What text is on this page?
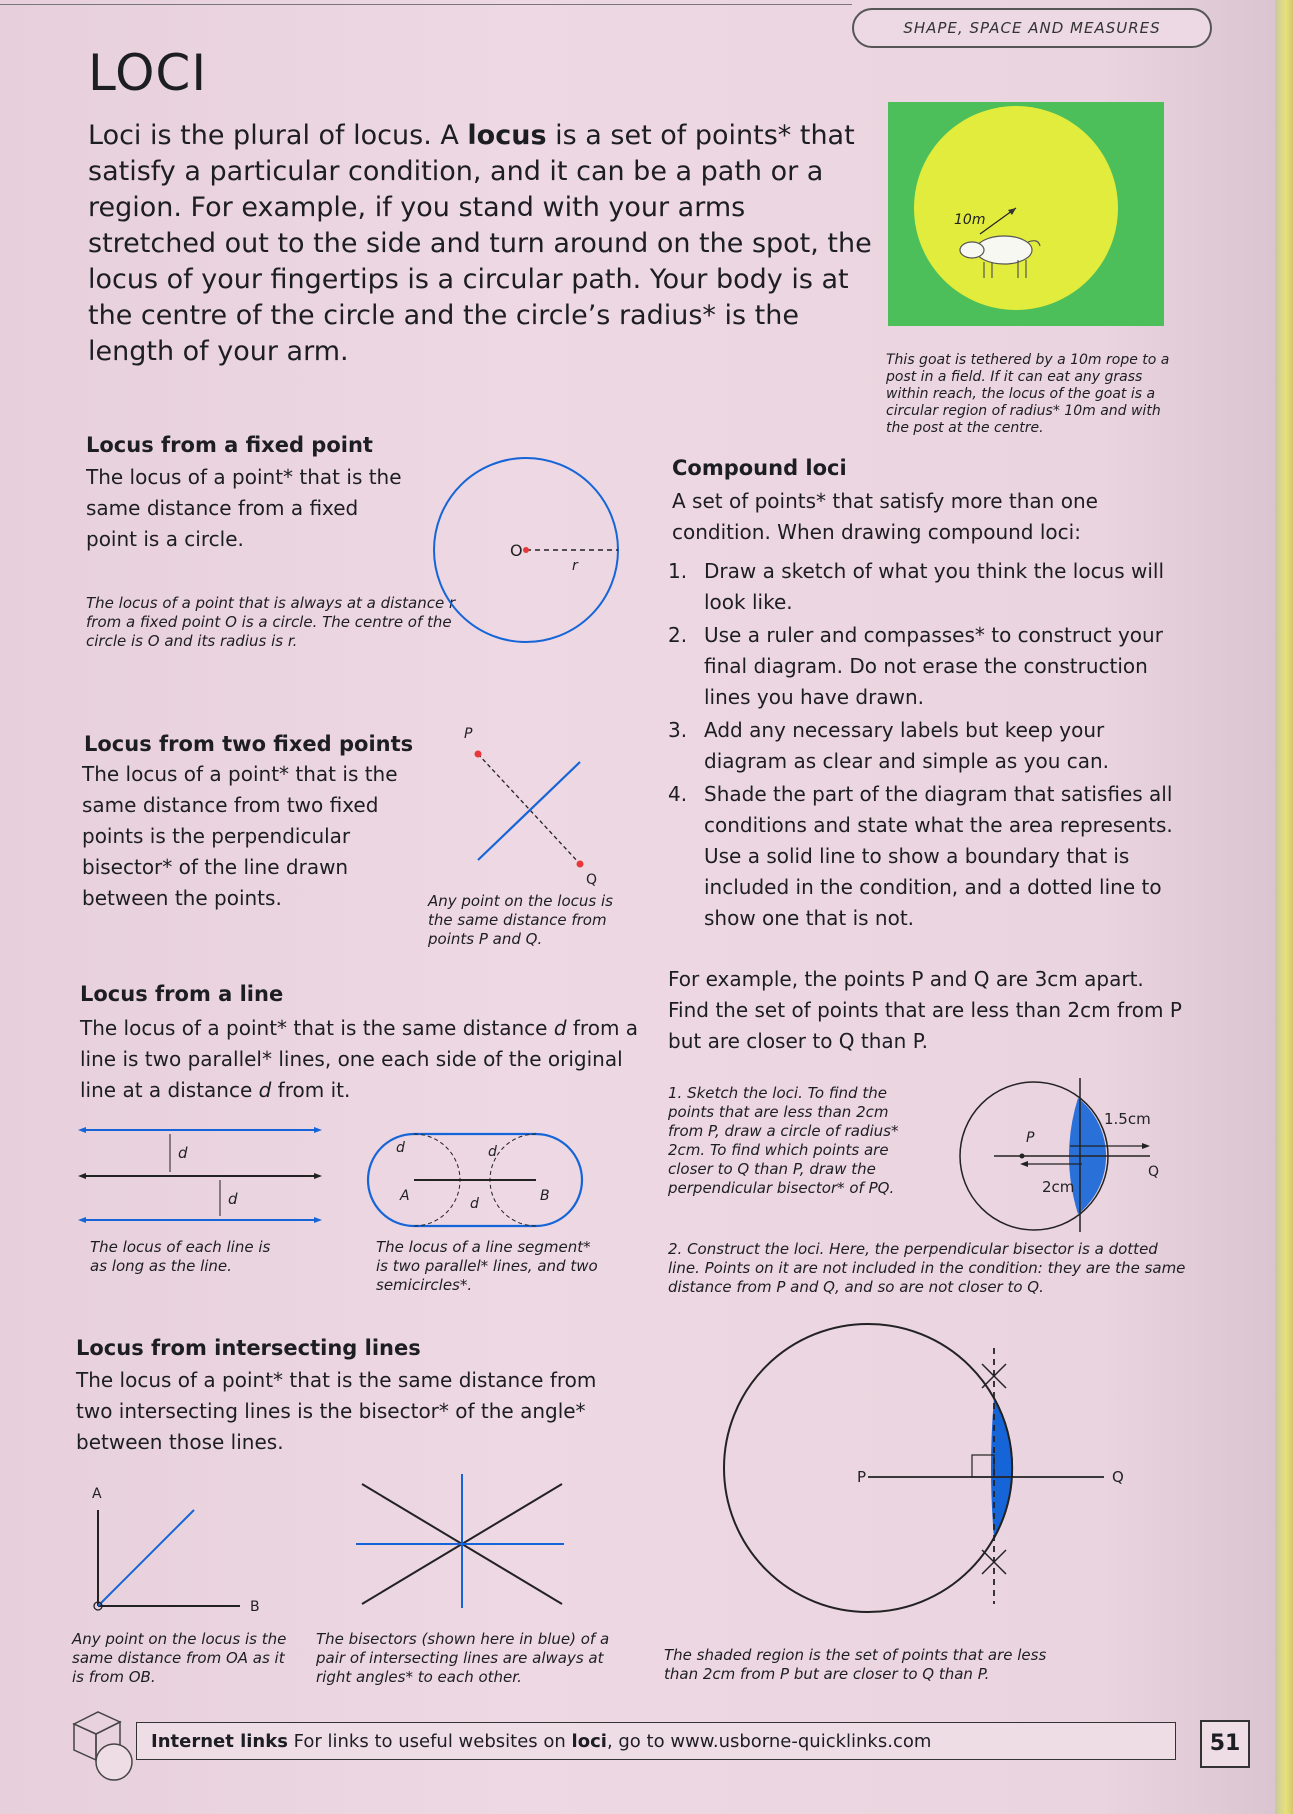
SHAPE, SPACE AND MEASURES
LOCI

Loci is the plural of locus. A locus is a set of points* that satisfy a particular condition, and it can be a path or a region. For example, if you stand with your arms stretched out to the side and turn around on the spot, the locus of your fingertips is a circular path. Your body is at the centre of the circle and the circle’s radius* is the length of your arm.

10m

This goat is tethered by a 10m rope to a post in a field. If it can eat any grass within reach, the locus of the goat is a circular region of radius* 10m and with the post at the centre.

Locus from a fixed point

The locus of a point* that is the same distance from a fixed point is a circle.

The locus of a point that is always at a distance r from a fixed point O is a circle. The centre of the circle is O and its radius is r.

O
r
Locus from two fixed points

The locus of a point* that is the same distance from two fixed points is the perpendicular bisector* of the line drawn between the points.	Any point on the locus is the same distance from points P and Q.

P
Q
Locus from a line

The locus of a point* that is the same distance d from a line is two parallel* lines, one each side of the original line at a distance d from it.

d
d

The locus of each line is as long as the line.

A	B
d	d
d

The locus of a line segment* is two parallel* lines, and two semicircles*.

Locus from intersecting lines

The locus of a point* that is the same distance from two intersecting lines is the bisector* of the angle* between those lines.

A
B

Any point on the locus is the same distance from OA as it is from OB.

The bisectors (shown here in blue) of a pair of intersecting lines are always at right angles* to each other.

Compound loci

A set of points* that satisfy more than one condition. When drawing compound loci:

1. Draw a sketch of what you think the locus will look like.
2. Use a ruler and compasses* to construct your final diagram. Do not erase the construction lines you have drawn.
3. Add any necessary labels but keep your diagram as clear and simple as you can.
4. Shade the part of the diagram that satisfies all conditions and state what the area represents. Use a solid line to show a boundary that is included in the condition, and a dotted line to show one that is not.

For example, the points P and Q are 3cm apart. Find the set of points that are less than 2cm from P but are closer to Q than P.

1. Sketch the loci. To find the points that are less than 2cm from P, draw a circle of radius* 2cm. To find which points are closer to Q than P, draw the perpendicular bisector* of PQ.

P
Q
1.5cm
2cm

2. Construct the loci. Here, the perpendicular bisector is a dotted line. Points on it are not included in the condition: they are the same distance from P and Q, and so are not closer to Q.

P	Q

The shaded region is the set of points that are less than 2cm from P but are closer to Q than P.

Internet links For links to useful websites on loci, go to www.usborne-quicklinks.com	51
